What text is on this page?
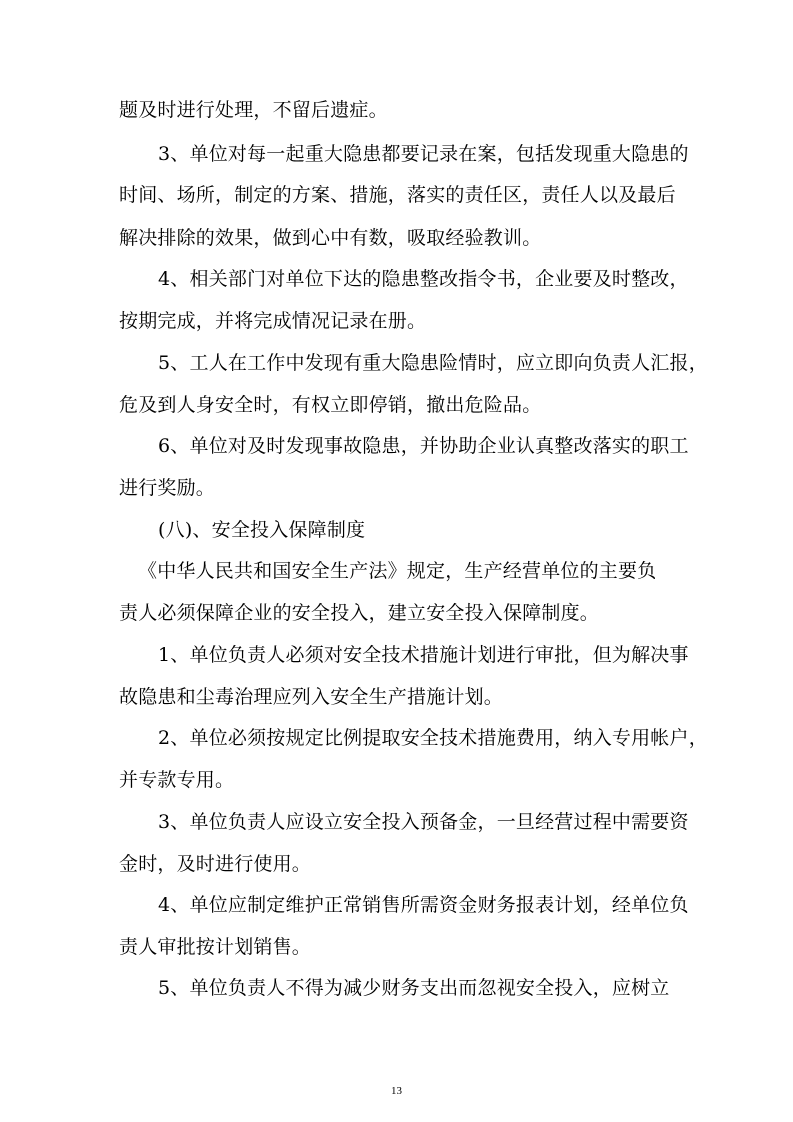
题及时进行处理，不留后遗症。
3、单位对每一起重大隐患都要记录在案，包括发现重大隐患的
时间、场所，制定的方案、措施，落实的责任区，责任人以及最后
解决排除的效果，做到心中有数，吸取经验教训。
4、相关部门对单位下达的隐患整改指令书，企业要及时整改，
按期完成，并将完成情况记录在册。
5、工人在工作中发现有重大隐患险情时，应立即向负责人汇报，
危及到人身安全时，有权立即停销，撤出危险品。
6、单位对及时发现事故隐患，并协助企业认真整改落实的职工
进行奖励。
(八)、安全投入保障制度
《中华人民共和国安全生产法》规定，生产经营单位的主要负
责人必须保障企业的安全投入，建立安全投入保障制度。
1、单位负责人必须对安全技术措施计划进行审批，但为解决事
故隐患和尘毒治理应列入安全生产措施计划。
2、单位必须按规定比例提取安全技术措施费用，纳入专用帐户，
并专款专用。
3、单位负责人应设立安全投入预备金，一旦经营过程中需要资
金时，及时进行使用。
4、单位应制定维护正常销售所需资金财务报表计划，经单位负
责人审批按计划销售。
5、单位负责人不得为减少财务支出而忽视安全投入，应树立
13
